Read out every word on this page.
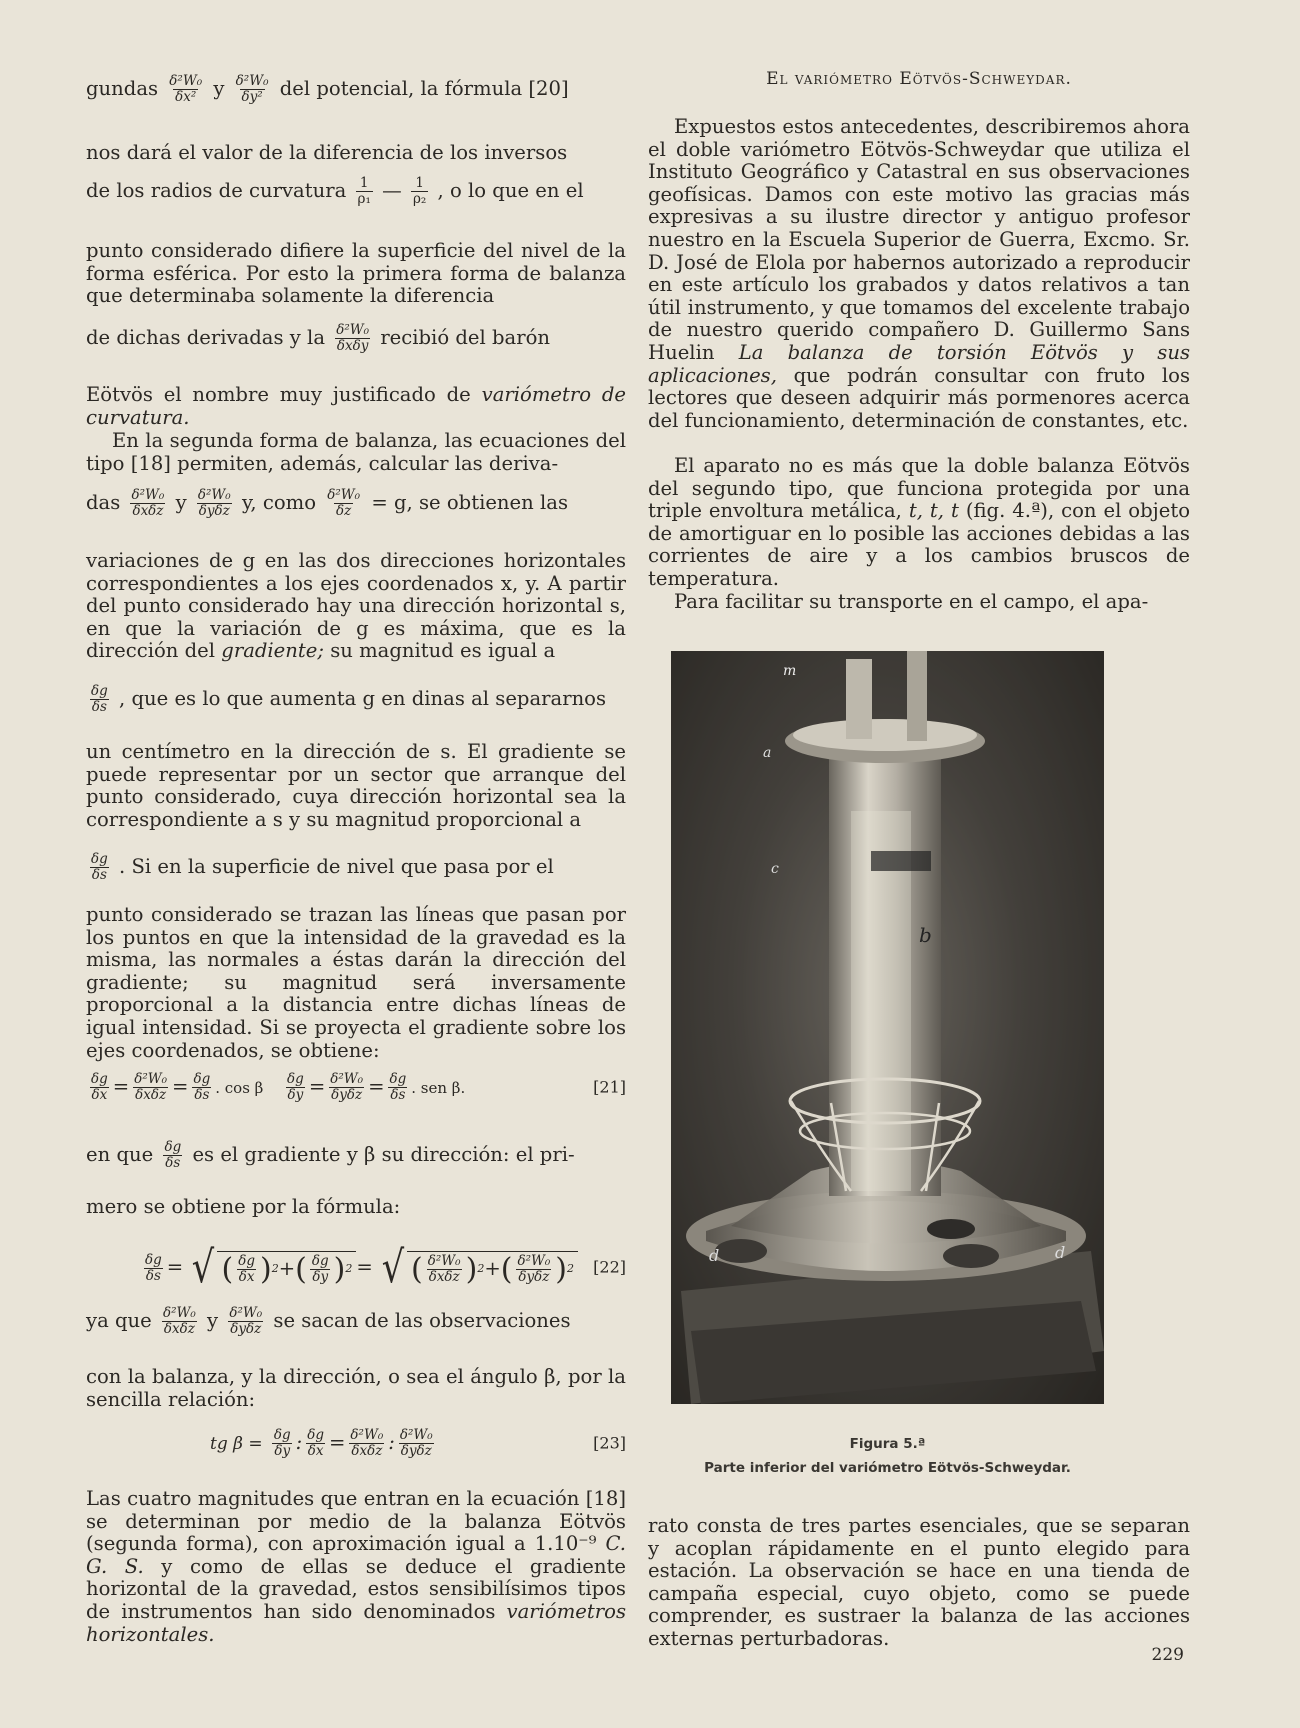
El variómetro Eötvös-Schweydar.
gundas $\frac{\text{δ²W₀}}{\text{δx²}}$ y $\frac{\text{δ²W₀}}{\text{δy²}}$ del potencial, la fórmula [20]

nos dará el valor de la diferencia de los inversos

de los radios de curvatura $\frac{1}{\text{ρ₁}}$ — $\frac{1}{\text{ρ₂}}$ , o lo que en el

punto considerado difiere la superficie del nivel de la forma esférica. Por esto la primera forma de balanza que determinaba solamente la diferencia

de dichas derivadas y la $\frac{\text{δ²W₀}}{\text{δxδy}}$ recibió del barón

Eötvös el nombre muy justificado de variómetro de curvatura.

En la segunda forma de balanza, las ecuaciones del tipo [18] permiten, además, calcular las deriva-

das $\frac{\text{δ²W₀}}{\text{δxδz}}$ y $\frac{\text{δ²W₀}}{\text{δyδz}} y$, como $\frac{\text{δ²W₀}}{\delta z} = g$, se obtienen las

variaciones de g en las dos direcciones horizontales correspondientes a los ejes coordenados x, y. A partir del punto considerado hay una dirección horizontal s, en que la variación de g es máxima, que es la dirección del gradiente; su magnitud es igual a

$\frac{\delta g}{\delta s}$ , que es lo que aumenta g en dinas al separarnos

un centímetro en la dirección de s. El gradiente se puede representar por un sector que arranque del punto considerado, cuya dirección horizontal sea la correspondiente a s y su magnitud proporcional a

$\frac{\delta g}{\delta s}$ . Si en la superficie de nivel que pasa por el

punto considerado se trazan las líneas que pasan por los puntos en que la intensidad de la gravedad es la misma, las normales a éstas darán la dirección del gradiente; su magnitud será inversamente proporcional a la distancia entre dichas líneas de igual intensidad. Si se proyecta el gradiente sobre los ejes coordenados, se obtiene:

$\frac{\delta g}{\delta x} = \frac{\text{δ²W₀}}{\text{δxδz}} = \frac{\delta g}{\delta s}$ . cos β $\frac{\delta g}{\delta y} = \frac{\text{δ²W₀}}{\text{δyδz}} = \frac{\delta g}{\delta s}$ . sen β.	[21]
en que $\frac{\delta g}{\delta s}$ es el gradiente y β su dirección: el pri-

mero se obtiene por la fórmula:

$\frac{\delta g}{\delta s}$ = √ ( $\frac{\delta g}{\delta x}$ ) 2 + ( $\frac{\delta g}{\delta y}$ ) 2 = √ ( $\frac{\text{δ²W₀}}{\text{δxδz}}$ ) 2 + ( $\frac{\text{δ²W₀}}{\text{δyδz}}$ ) 2 [22]
ya que $\frac{\text{δ²W₀}}{\text{δxδz}}$ y $\frac{\text{δ²W₀}}{\text{δyδz}}$ se sacan de las observaciones

con la balanza, y la dirección, o sea el ángulo β, por la sencilla relación:

tg $\beta = \frac{\delta g}{\delta y}$ : $\frac{\delta g}{\delta x} = \frac{\text{δ²W₀}}{\text{δxδz}}$ : $\frac{\text{δ²W₀}}{\text{δyδz}}$	[23]

Las cuatro magnitudes que entran en la ecuación [18] se determinan por medio de la balanza Eötvös (segunda forma), con aproximación igual a 1.10⁻⁹ C. G. S. y como de ellas se deduce el gradiente horizontal de la gravedad, estos sensibilísimos tipos de instrumentos han sido denominados variómetros horizontales.

Expuestos estos antecedentes, describiremos ahora el doble variómetro Eötvös-Schweydar que utiliza el Instituto Geográfico y Catastral en sus observaciones geofísicas. Damos con este motivo las gracias más expresivas a su ilustre director y antiguo profesor nuestro en la Escuela Superior de Guerra, Excmo. Sr. D. José de Elola por habernos autorizado a reproducir en este artículo los grabados y datos relativos a tan útil instrumento, y que tomamos del excelente trabajo de nuestro querido compañero D. Guillermo Sans Huelin La balanza de torsión Eötvös y sus aplicaciones, que podrán consultar con fruto los lectores que deseen adquirir más pormenores acerca del funcionamiento, determinación de constantes, etc.

El aparato no es más que la doble balanza Eötvös del segundo tipo, que funciona protegida por una triple envoltura metálica, t, t, t (fig. 4.ª), con el objeto de amortiguar en lo posible las acciones debidas a las corrientes de aire y a los cambios bruscos de temperatura.

Para facilitar su transporte en el campo, el apa-

m
a
c
b
d	d
Figura 5.ª
Parte inferior del variómetro Eötvös-Schweydar.

rato consta de tres partes esenciales, que se separan y acoplan rápidamente en el punto elegido para estación. La observación se hace en una tienda de campaña especial, cuyo objeto, como se puede comprender, es sustraer la balanza de las acciones externas perturbadoras.

229
